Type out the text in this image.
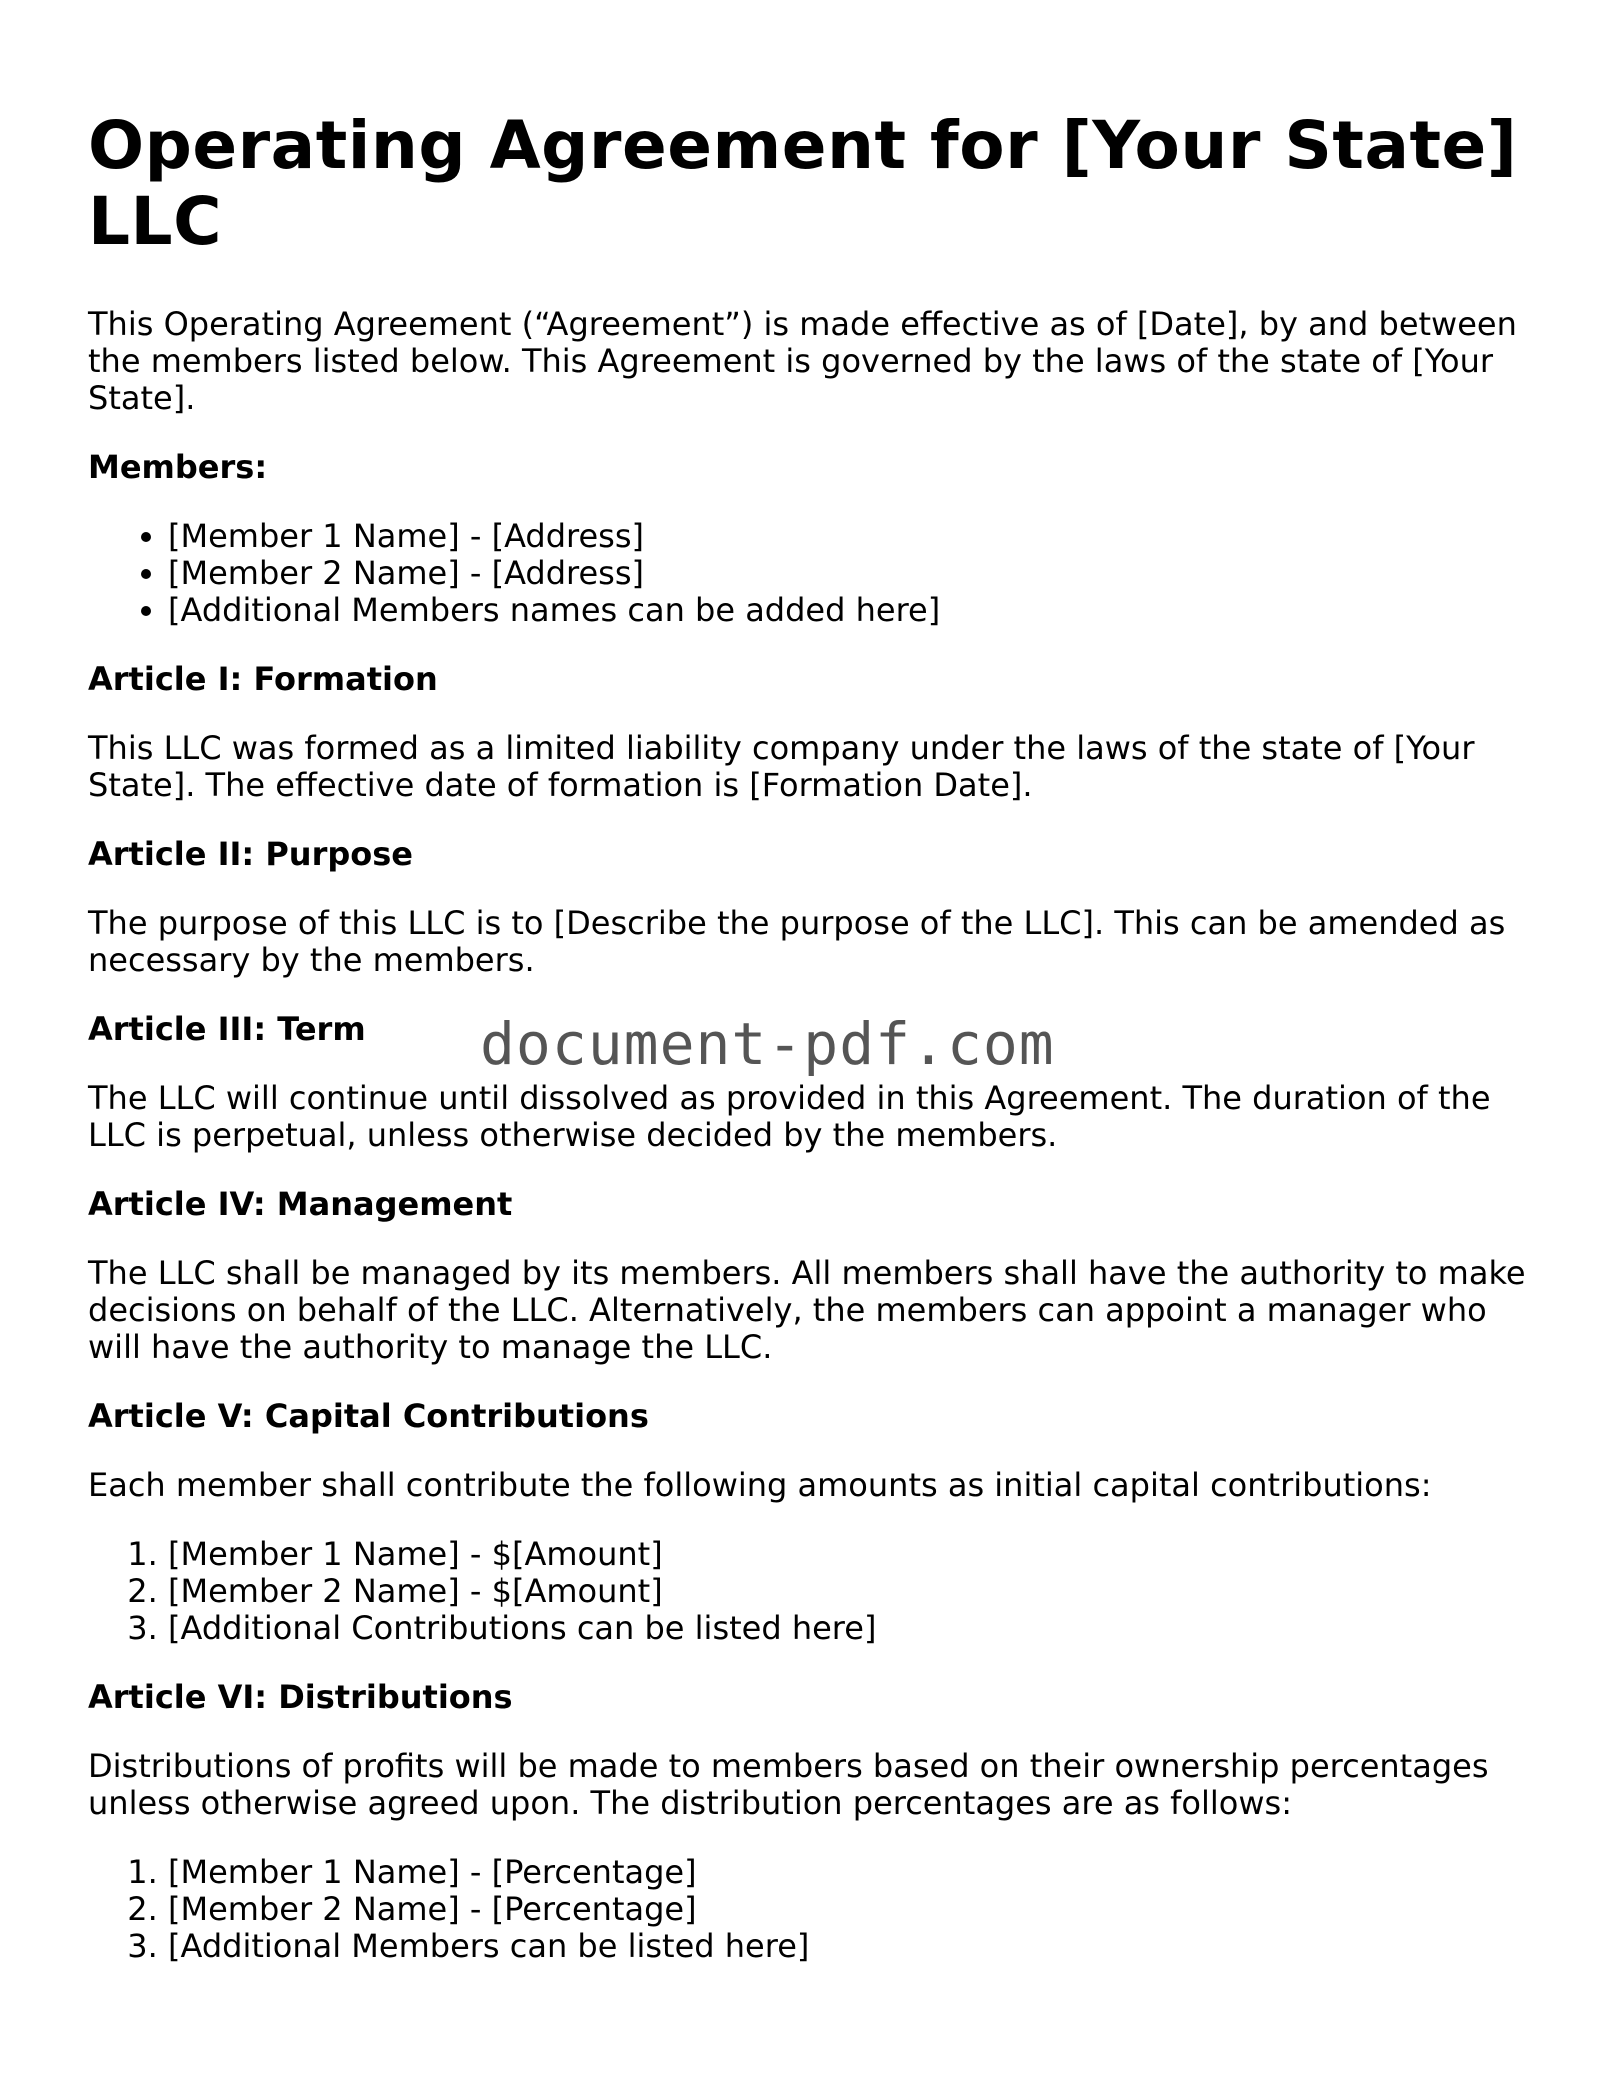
Operating Agreement for [Your State] LLC

This Operating Agreement (“Agreement”) is made effective as of [Date], by and between the members listed below. This Agreement is governed by the laws of the state of [Your State].

Members:
• [Member 1 Name] - [Address]
• [Member 2 Name] - [Address]
• [Additional Members names can be added here]
Article I: Formation

This LLC was formed as a limited liability company under the laws of the state of [Your State]. The effective date of formation is [Formation Date].

Article II: Purpose

The purpose of this LLC is to [Describe the purpose of the LLC]. This can be amended as necessary by the members.

Article III: Term

The LLC will continue until dissolved as provided in this Agreement. The duration of the LLC is perpetual, unless otherwise decided by the members.

Article IV: Management

The LLC shall be managed by its members. All members shall have the authority to make decisions on behalf of the LLC. Alternatively, the members can appoint a manager who will have the authority to manage the LLC.

Article V: Capital Contributions

Each member shall contribute the following amounts as initial capital contributions:

1. [Member 1 Name] - $[Amount]
2. [Member 2 Name] - $[Amount]
3. [Additional Contributions can be listed here]
Article VI: Distributions

Distributions of profits will be made to members based on their ownership percentages unless otherwise agreed upon. The distribution percentages are as follows:

1. [Member 1 Name] - [Percentage]
2. [Member 2 Name] - [Percentage]
3. [Additional Members can be listed here]
document-pdf.com
